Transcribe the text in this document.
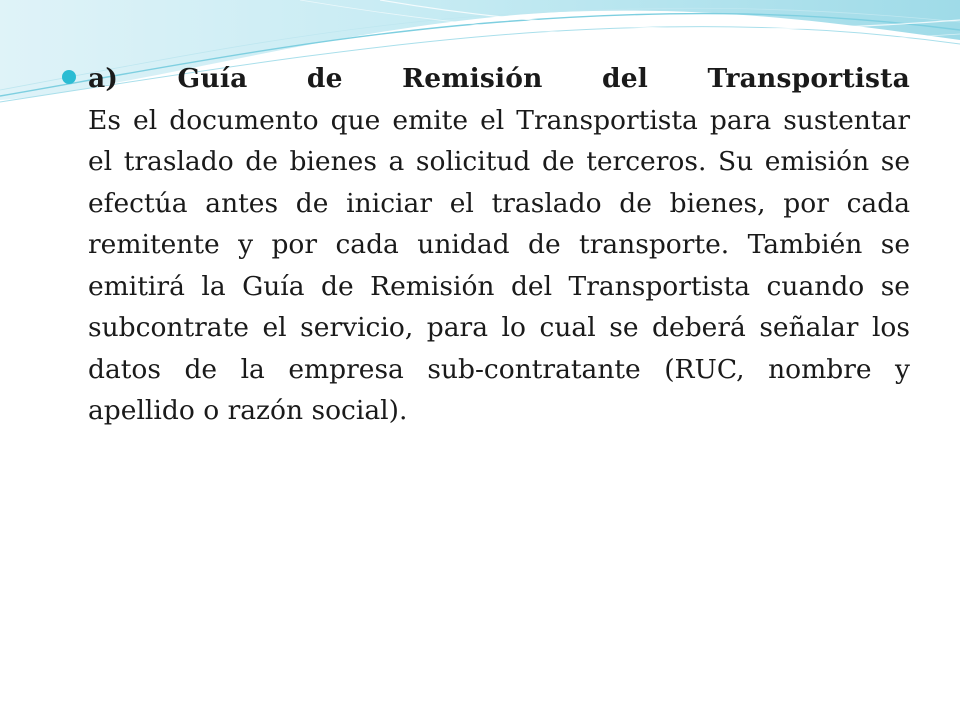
a) Guía de Remisión del Transportista
Es el documento que emite el Transportista para sustentar el traslado de bienes a solicitud de terceros. Su emisión se efectúa antes de iniciar el traslado de bienes, por cada remitente y por cada unidad de transporte. También se emitirá la Guía de Remisión del Transportista cuando se subcontrate el servicio, para lo cual se deberá señalar los datos de la empresa sub-contratante (RUC, nombre y apellido o razón social).
